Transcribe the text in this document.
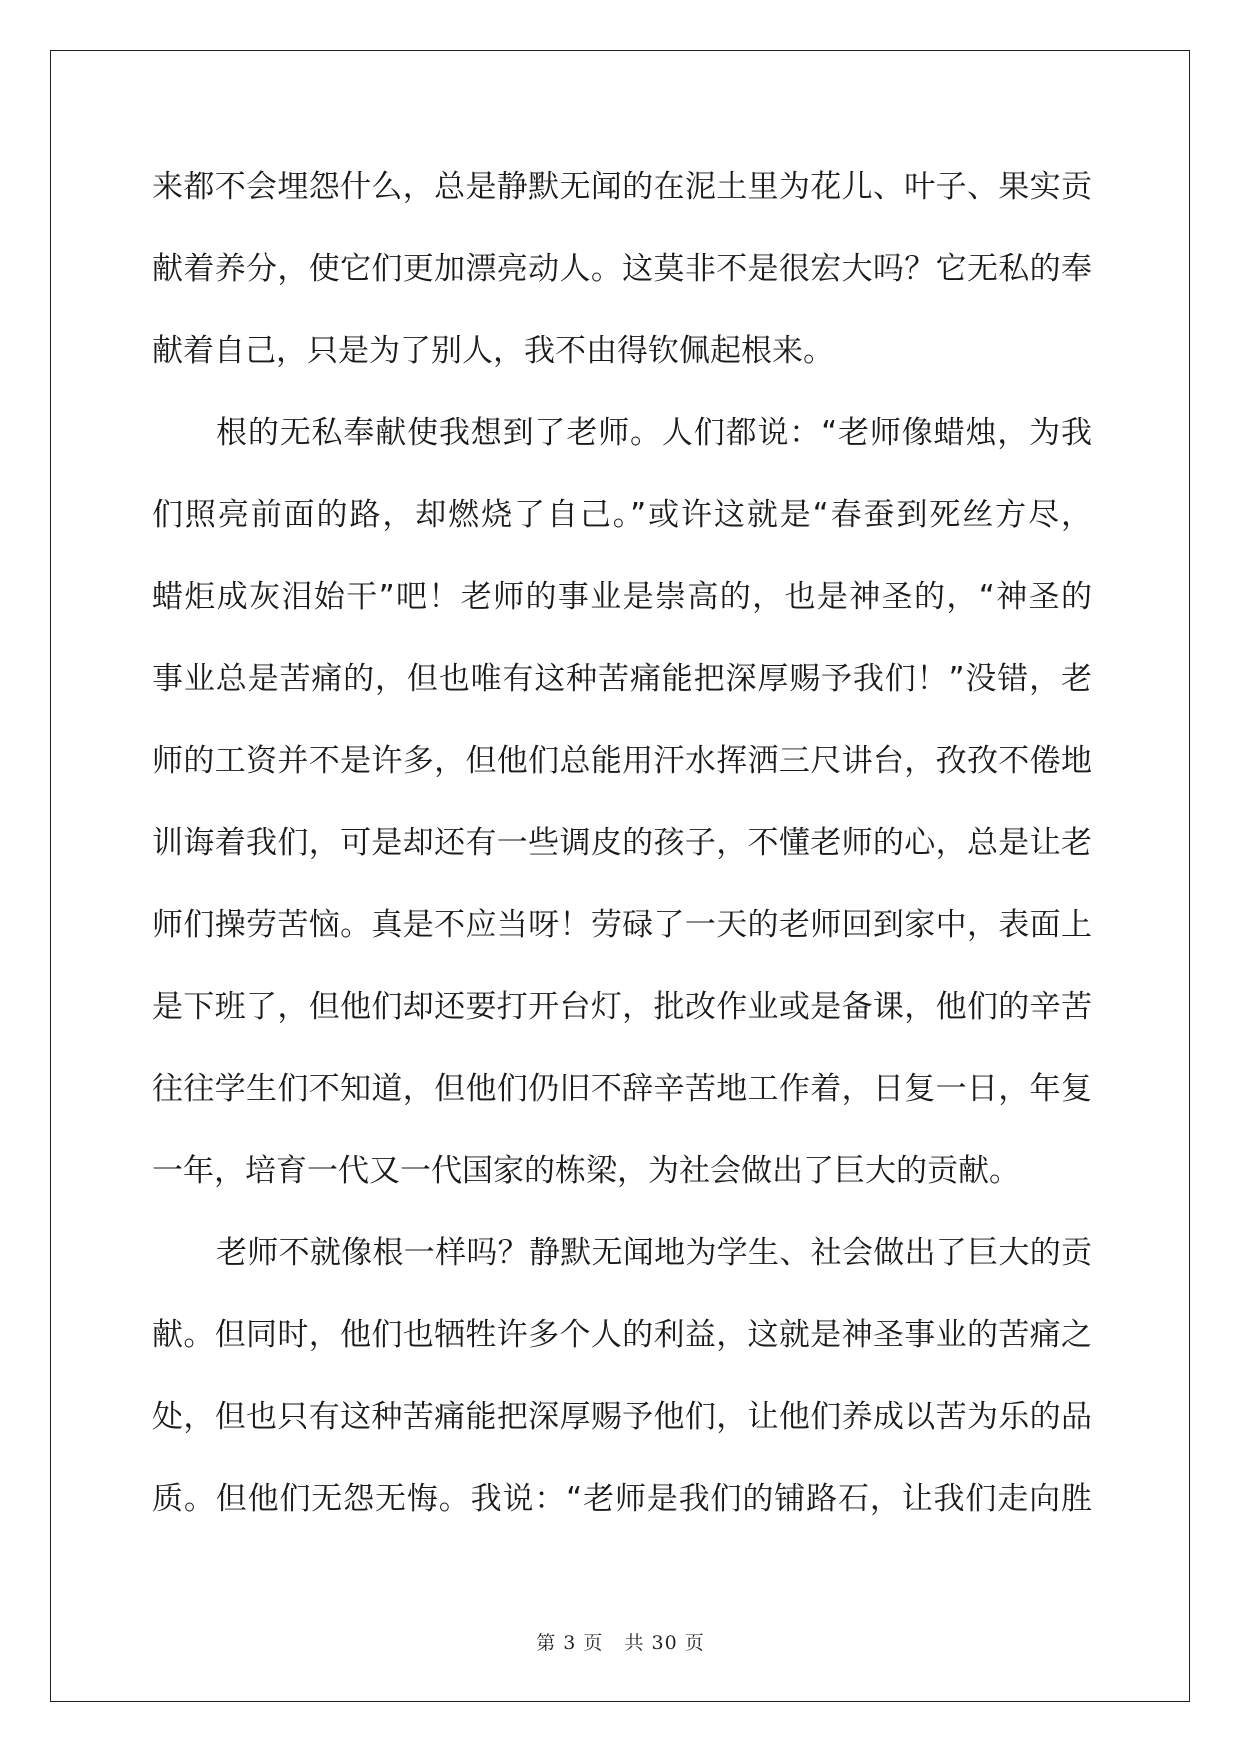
来都不会埋怨什么，总是静默无闻的在泥土里为花儿、叶子、果实贡
献着养分，使它们更加漂亮动人。这莫非不是很宏大吗？它无私的奉
献着自己，只是为了别人，我不由得钦佩起根来。
根的无私奉献使我想到了老师。人们都说：“老师像蜡烛，为我
们照亮前面的路，却燃烧了自己。”或许这就是“春蚕到死丝方尽，
蜡炬成灰泪始干”吧！老师的事业是崇高的，也是神圣的，“神圣的
事业总是苦痛的，但也唯有这种苦痛能把深厚赐予我们！”没错，老
师的工资并不是许多，但他们总能用汗水挥洒三尺讲台，孜孜不倦地
训诲着我们，可是却还有一些调皮的孩子，不懂老师的心，总是让老
师们操劳苦恼。真是不应当呀！劳碌了一天的老师回到家中，表面上
是下班了，但他们却还要打开台灯，批改作业或是备课，他们的辛苦
往往学生们不知道，但他们仍旧不辞辛苦地工作着，日复一日，年复
一年，培育一代又一代国家的栋梁，为社会做出了巨大的贡献。
老师不就像根一样吗？静默无闻地为学生、社会做出了巨大的贡
献。但同时，他们也牺牲许多个人的利益，这就是神圣事业的苦痛之
处，但也只有这种苦痛能把深厚赐予他们，让他们养成以苦为乐的品
质。但他们无怨无悔。我说：“老师是我们的铺路石，让我们走向胜
第 3 页 共 30 页
